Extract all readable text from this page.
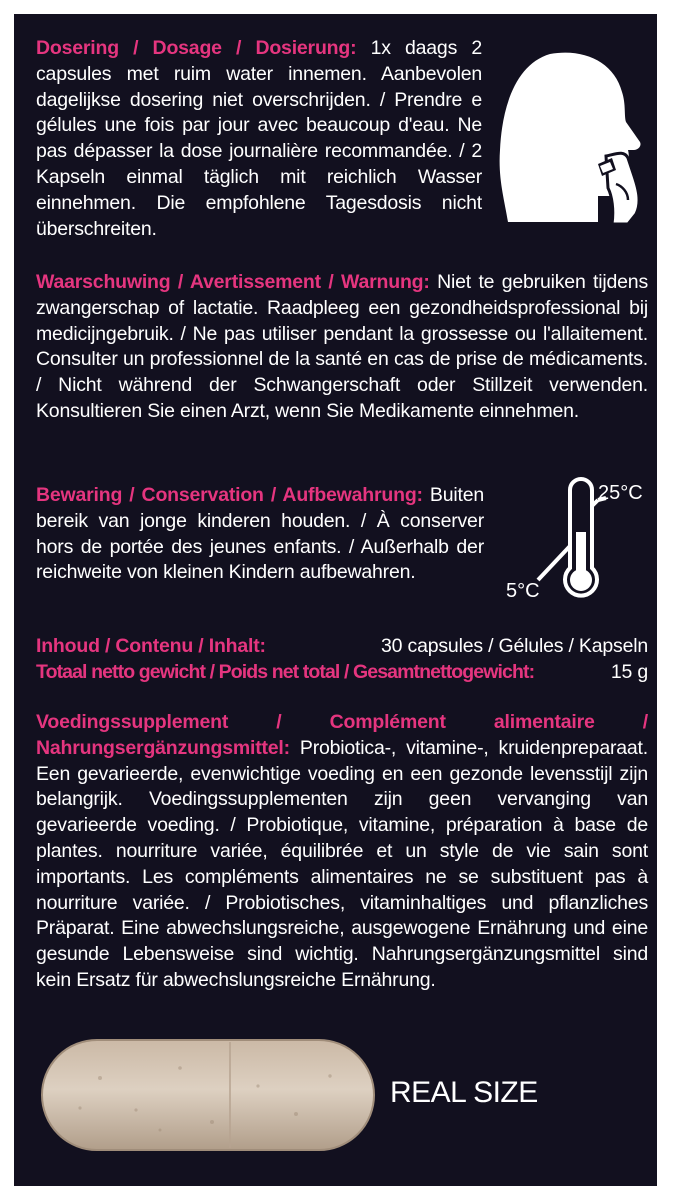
Dosering / Dosage / Dosierung: 1x daags 2 capsules met ruim water innemen. Aanbevolen dagelijkse dosering niet overschrijden. / Prendre e gélules une fois par jour avec beaucoup d'eau. Ne pas dépasser la dose journalière recommandée. / 2 Kapseln einmal täglich mit reichlich Wasser einnehmen. Die empfohlene Tagesdosis nicht überschreiten.
Waarschuwing / Avertissement / Warnung: Niet te gebruiken tijdens zwangerschap of lactatie. Raadpleeg een gezondheidsprofessional bij medicijngebruik. / Ne pas utiliser pendant la grossesse ou l'allaitement. Consulter un professionnel de la santé en cas de prise de médicaments. / Nicht während der Schwangerschaft oder Stillzeit verwenden. Konsultieren Sie einen Arzt, wenn Sie Medikamente einnehmen.
Bewaring / Conservation / Aufbewahrung: Buiten bereik van jonge kinderen houden. / À conserver hors de portée des jeunes enfants. / Außerhalb der reichweite von kleinen Kindern aufbewahren.
25°C
5°C
Inhoud / Contenu / Inhalt:	30 capsules / Gélules / Kapseln
Totaal netto gewicht / Poids net total / Gesamtnettogewicht:	15 g
Voedingssupplement / Complément alimentaire / Nahrungsergänzungsmittel: Probiotica-, vitamine-, kruidenpreparaat. Een gevarieerde, evenwichtige voeding en een gezonde levensstijl zijn belangrijk. Voedingssupplementen zijn geen vervanging van gevarieerde voeding. / Probiotique, vitamine, préparation à base de plantes. nourriture variée, équilibrée et un style de vie sain sont importants. Les compléments alimentaires ne se substituent pas à nourriture variée. / Probiotisches, vitaminhaltiges und pflanzliches Präparat. Eine abwechslungsreiche, ausgewogene Ernährung und eine gesunde Lebensweise sind wichtig. Nahrungsergänzungsmittel sind kein Ersatz für abwechslungsreiche Ernährung.
REAL SIZE
